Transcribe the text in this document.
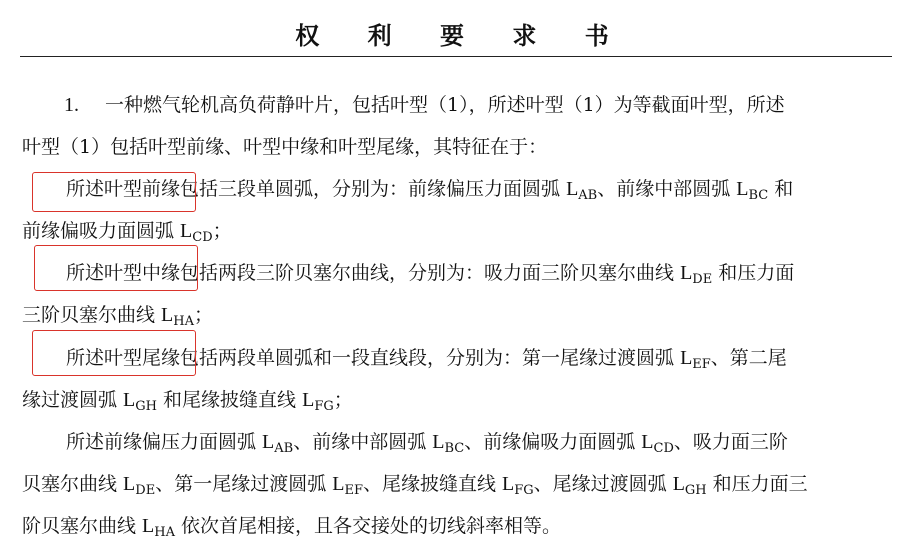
权 利 要 求 书
1. 一种燃气轮机高负荷静叶片，包括叶型（1），所述叶型（1）为等截面叶型，所述
叶型（1）包括叶型前缘、叶型中缘和叶型尾缘，其特征在于：
所述叶型前缘包括三段单圆弧，分别为：前缘偏压力面圆弧 $L_{AB}$、前缘中部圆弧 $L_{BC}$ 和
前缘偏吸力面圆弧 $L_{CD}$；
所述叶型中缘包括两段三阶贝塞尔曲线，分别为：吸力面三阶贝塞尔曲线 $L_{DE}$ 和压力面
三阶贝塞尔曲线 $L_{HA}$；
所述叶型尾缘包括两段单圆弧和一段直线段，分别为：第一尾缘过渡圆弧 $L_{EF}$、第二尾
缘过渡圆弧 $L_{GH}$ 和尾缘披缝直线 $L_{FG}$；
所述前缘偏压力面圆弧 $L_{AB}$、前缘中部圆弧 $L_{BC}$、前缘偏吸力面圆弧 $L_{CD}$、吸力面三阶
贝塞尔曲线 $L_{DE}$、第一尾缘过渡圆弧 $L_{EF}$、尾缘披缝直线 $L_{FG}$、尾缘过渡圆弧 $L_{GH}$ 和压力面三
阶贝塞尔曲线 $L_{HA}$ 依次首尾相接，且各交接处的切线斜率相等。
